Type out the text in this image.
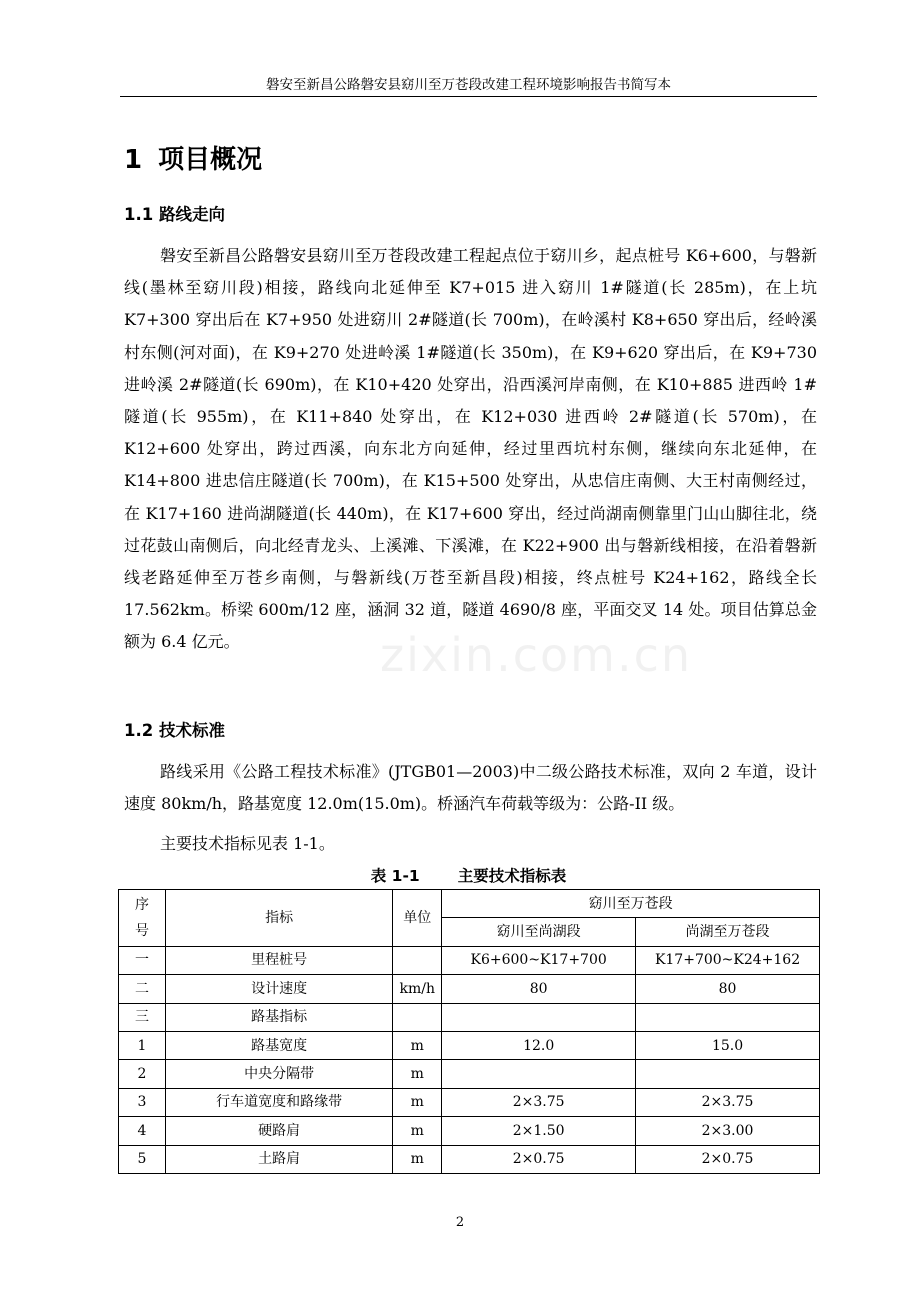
磐安至新昌公路磐安县窈川至万苍段改建工程环境影响报告书简写本
1 项目概况
1.1 路线走向

磐安至新昌公路磐安县窈川至万苍段改建工程起点位于窈川乡，起点桩号 K6+600，与磐新线(墨林至窈川段)相接，路线向北延伸至 K7+015 进入窈川 1#隧道(长 285m)，在上坑 K7+300 穿出后在 K7+950 处进窈川 2#隧道(长 700m)，在岭溪村 K8+650 穿出后，经岭溪村东侧(河对面)，在 K9+270 处进岭溪 1#隧道(长 350m)，在 K9+620 穿出后，在 K9+730 进岭溪 2#隧道(长 690m)，在 K10+420 处穿出，沿西溪河岸南侧，在 K10+885 进西岭 1#隧道(长 955m)，在 K11+840 处穿出，在 K12+030 进西岭 2#隧道(长 570m)，在 K12+600 处穿出，跨过西溪，向东北方向延伸，经过里西坑村东侧，继续向东北延伸，在 K14+800 进忠信庄隧道(长 700m)，在 K15+500 处穿出，从忠信庄南侧、大王村南侧经过，在 K17+160 进尚湖隧道(长 440m)，在 K17+600 穿出，经过尚湖南侧靠里门山山脚往北，绕过花鼓山南侧后，向北经青龙头、上溪滩、下溪滩，在 K22+900 出与磐新线相接，在沿着磐新线老路延伸至万苍乡南侧，与磐新线(万苍至新昌段)相接，终点桩号 K24+162，路线全长 17.562km。桥梁 600m/12 座，涵洞 32 道，隧道 4690/8 座，平面交叉 14 处。项目估算总金额为 6.4 亿元。

1.2 技术标准

路线采用《公路工程技术标准》(JTGB01—2003)中二级公路技术标准，双向 2 车道，设计速度 80km/h，路基宽度 12.0m(15.0m)。桥涵汽车荷载等级为：公路-II 级。

主要技术指标见表 1-1。

zixin.com.cn
表 1-1 主要技术指标表
序号	指标	单位	窈川至万苍段	
			窈川至尚湖段	尚湖至万苍段
一	里程桩号		K6+600~K17+700	K17+700~K24+162
二	设计速度	km/h	80	80
三	路基指标			
1	路基宽度	m	12.0	15.0
2	中央分隔带	m		
3	行车道宽度和路缘带	m	2×3.75	2×3.75
4	硬路肩	m	2×1.50	2×3.00
5	土路肩	m	2×0.75	2×0.75
2
